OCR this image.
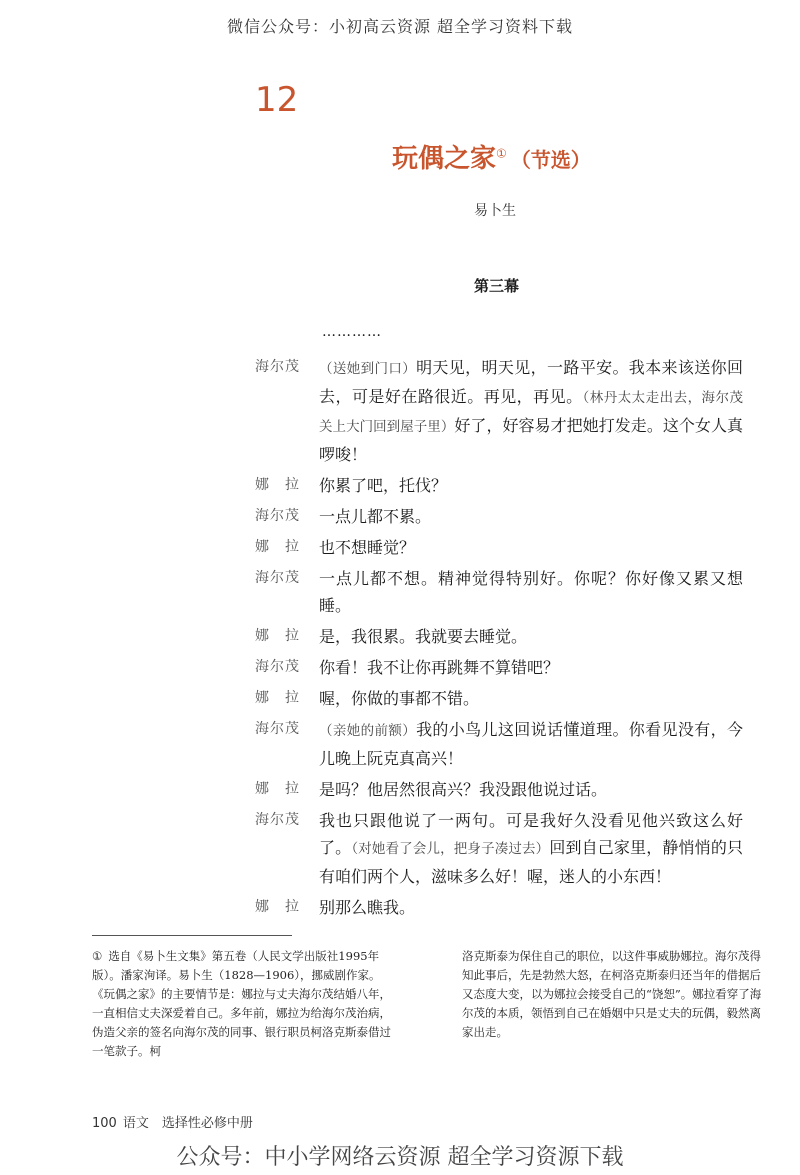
微信公众号：小初高云资源 超全学习资料下载
12
玩偶之家① （节选）
易卜生
第三幕
…………
海尔茂	（送她到门口）明天见，明天见，一路平安。我本来该送你回去，可是好在路很近。再见，再见。（林丹太太走出去，海尔茂关上大门回到屋子里）好了，好容易才把她打发走。这个女人真啰唆！
娜　拉	你累了吧，托伐？
海尔茂	一点儿都不累。
娜　拉	也不想睡觉？
海尔茂	一点儿都不想。精神觉得特别好。你呢？你好像又累又想睡。
娜　拉	是，我很累。我就要去睡觉。
海尔茂	你看！我不让你再跳舞不算错吧？
娜　拉	喔，你做的事都不错。
海尔茂	（亲她的前额）我的小鸟儿这回说话懂道理。你看见没有，今儿晚上阮克真高兴！
娜　拉	是吗？他居然很高兴？我没跟他说过话。
海尔茂	我也只跟他说了一两句。可是我好久没看见他兴致这么好了。（对她看了会儿，把身子凑过去）回到自己家里，静悄悄的只有咱们两个人，滋味多么好！喔，迷人的小东西！
娜　拉	别那么瞧我。
① 选自《易卜生文集》第五卷（人民文学出版社1995年版）。潘家洵译。易卜生（1828—1906），挪威剧作家。《玩偶之家》的主要情节是：娜拉与丈夫海尔茂结婚八年，一直相信丈夫深爱着自己。多年前，娜拉为给海尔茂治病，伪造父亲的签名向海尔茂的同事、银行职员柯洛克斯泰借过一笔款子。柯
洛克斯泰为保住自己的职位，以这件事威胁娜拉。海尔茂得知此事后，先是勃然大怒，在柯洛克斯泰归还当年的借据后又态度大变，以为娜拉会接受自己的“饶恕”。娜拉看穿了海尔茂的本质，领悟到自己在婚姻中只是丈夫的玩偶，毅然离家出走。
100 语文　选择性必修中册
公众号：中小学网络云资源 超全学习资源下载
